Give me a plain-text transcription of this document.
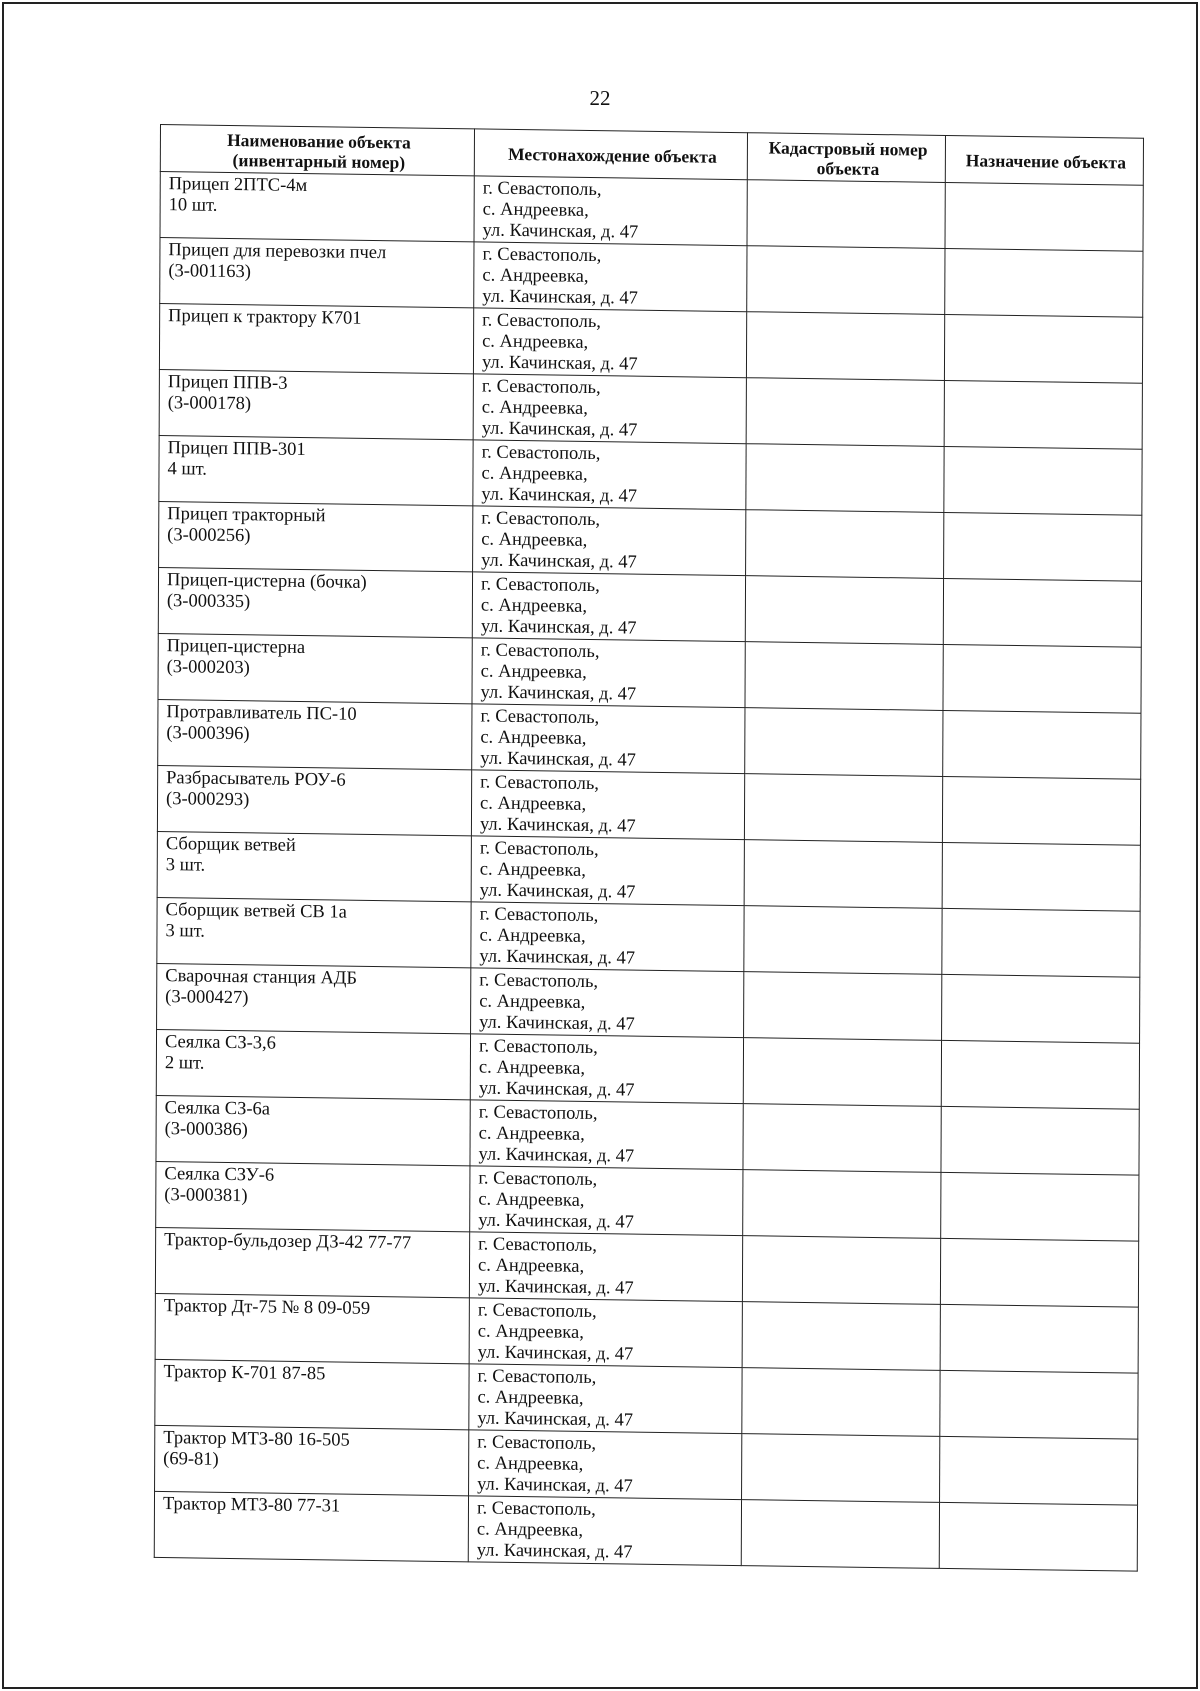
22
Наименование объекта (инвентарный номер)	Местонахождение объекта	Кадастровый номер объекта	Назначение объекта

Прицеп 2ПТС-4м
10 шт.	г. Севастополь,
с. Андреевка,
ул. Качинская, д. 47		

Прицеп для перевозки пчел
(3-001163)	г. Севастополь,
с. Андреевка,
ул. Качинская, д. 47		

Прицеп к трактору К701	г. Севастополь,
с. Андреевка,
ул. Качинская, д. 47		

Прицеп ППВ-3
(3-000178)	г. Севастополь,
с. Андреевка,
ул. Качинская, д. 47		

Прицеп ППВ-301
4 шт.	г. Севастополь,
с. Андреевка,
ул. Качинская, д. 47		

Прицеп тракторный
(3-000256)	г. Севастополь,
с. Андреевка,
ул. Качинская, д. 47		

Прицеп-цистерна (бочка)
(3-000335)	г. Севастополь,
с. Андреевка,
ул. Качинская, д. 47		

Прицеп-цистерна
(3-000203)	г. Севастополь,
с. Андреевка,
ул. Качинская, д. 47		

Протравливатель ПС-10
(3-000396)	г. Севастополь,
с. Андреевка,
ул. Качинская, д. 47		

Разбрасыватель РОУ-6
(3-000293)	г. Севастополь,
с. Андреевка,
ул. Качинская, д. 47		

Сборщик ветвей
3 шт.	г. Севастополь,
с. Андреевка,
ул. Качинская, д. 47		

Сборщик ветвей СВ 1а
3 шт.	г. Севастополь,
с. Андреевка,
ул. Качинская, д. 47		

Сварочная станция АДБ
(3-000427)	г. Севастополь,
с. Андреевка,
ул. Качинская, д. 47		

Сеялка СЗ-3,6
2 шт.	г. Севастополь,
с. Андреевка,
ул. Качинская, д. 47		

Сеялка СЗ-6а
(3-000386)	г. Севастополь,
с. Андреевка,
ул. Качинская, д. 47		

Сеялка СЗУ-6
(3-000381)	г. Севастополь,
с. Андреевка,
ул. Качинская, д. 47		

Трактор-бульдозер ДЗ-42 77-77	г. Севастополь,
с. Андреевка,
ул. Качинская, д. 47		

Трактор Дт-75 № 8 09-059	г. Севастополь,
с. Андреевка,
ул. Качинская, д. 47		

Трактор К-701 87-85	г. Севастополь,
с. Андреевка,
ул. Качинская, д. 47		

Трактор МТЗ-80 16-505
(69-81)	г. Севастополь,
с. Андреевка,
ул. Качинская, д. 47		

Трактор МТЗ-80 77-31	г. Севастополь,
с. Андреевка,
ул. Качинская, д. 47		
